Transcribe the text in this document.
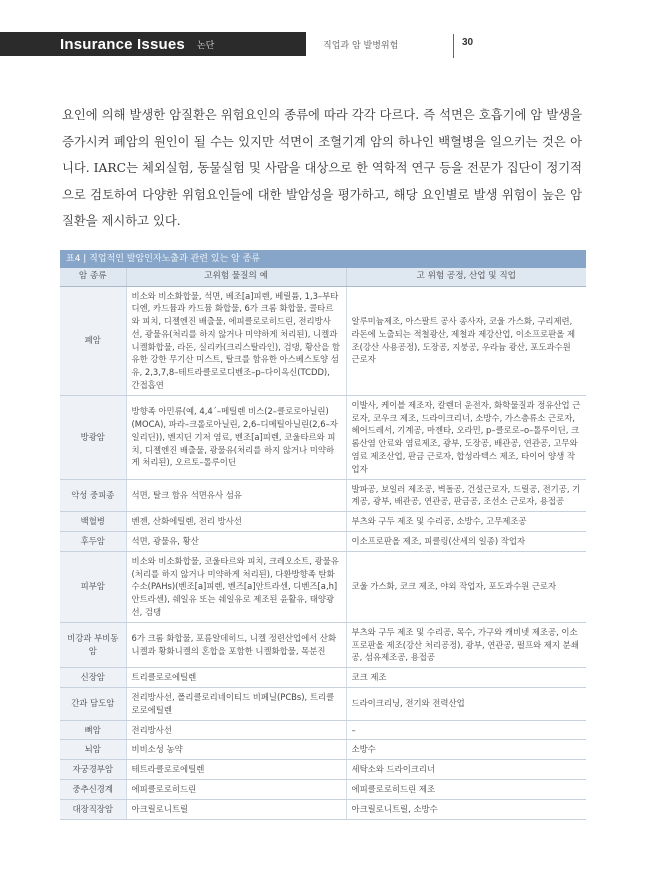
Insurance Issues 논단	직업과 암 발병위험	30

요인에 의해 발생한 암질환은 위험요인의 종류에 따라 각각 다르다. 즉 석면은 호흡기에 암 발생을 증가시켜 폐암의 원인이 될 수는 있지만 석면이 조혈기계 암의 하나인 백혈병을 일으키는 것은 아니다. IARC는 체외실험, 동물실험 및 사람을 대상으로 한 역학적 연구 등을 전문가 집단이 정기적으로 검토하여 다양한 위험요인들에 대한 발암성을 평가하고, 해당 요인별로 발생 위험이 높은 암 질환을 제시하고 있다.

표4 | 직업적인 발암인자노출과 관련 있는 암 종류
암 종류	고위험 물질의 예	고 위험 공정, 산업 및 직업
폐암	비소와 비소화합물, 석면, 베조[a]피렌, 베릴륨, 1,3–부타디엔, 카드뮴과 카드뮴 화합물, 6가 크롬 화합물, 콜타르와 피치, 디젤엔진 배출물, 에피클로로히드린, 전리방사선, 광물유(처리를 하지 않거나 미약하게 처리된), 니켈과 니켈화합물, 라돈, 실리카(크리스탈라인), 검댕, 황산을 함유한 강한 무기산 미스트, 탈크를 함유한 아스베스토양 섬유, 2,3,7,8–테트라클로로디벤조–p–다이옥신(TCDD), 간접흡연	알루미늄제조, 아스팔트 공사 종사자, 코울 가스화, 구리제련, 라돈에 노출되는 적철광산, 제철과 제강산업, 이소프로판올 제조(강산 사용공정), 도장공, 지붕공, 우라늄 광산, 포도과수원 근로자
방광암	방향족 아민류(예, 4,4´–메틸렌 비스(2–클로로아닐린)(MOCA), 파라–크롤로아닐린, 2,6–디메틸아닐린(2,6–자일리딘)), 벤지딘 기저 염료, 벤조[a]피렌, 코울타르와 피치, 디젤엔진 배출물, 광물유(처리를 하지 않거나 미약하게 처리된), 오르토–톨루이딘	이발사, 케이블 제조자, 칼렌더 운전자, 화학물질과 정유산업 근로자, 코우크 제조, 드라이크리너, 소방수, 가스층류소 근로자, 헤어드레서, 기계공, 마젠타, 오라민, p–클로로–o–톨루이딘, 크롬산염 안료와 염료제조, 광부, 도장공, 배관공, 연관공, 고무와 염료 제조산업, 판금 근로자, 합성라텍스 제조, 타이어 양생 작업자
악성 중피종	석면, 탈크 함유 석면유사 섬유	발파공, 보일러 제조공, 벽돌공, 건설근로자, 드릴공, 전기공, 기계공, 광부, 배관공, 연관공, 판금공, 조선소 근로자, 용접공
백혈병	벤젠, 산화에틸렌, 전리 방사선	부츠와 구두 제조 및 수리공, 소방수, 고무제조공
후두암	석면, 광물유, 황산	이소프로판올 제조, 피클링(산세의 일종) 작업자
피부암	비소와 비소화합물, 코울타르와 피치, 크레오소트, 광물유(처리를 하지 않거나 미약하게 처리된), 다환방향족 탄화수소(PAHs)(벤조[a]피렌, 벤즈[a]안트라센, 디벤즈[a,h]안트라센), 쉐일유 또는 쉐일유로 제조된 윤활유, 태양광선, 검댕	코울 가스화, 코크 제조, 야외 작업자, 포도과수원 근로자
비강과 부비동 암	6가 크롬 화합물, 포름알데히드, 니켈 정련산업에서 산화니켈과 황화니켈의 혼합을 포함한 니켈화합물, 목분진	부츠와 구두 제조 및 수리공, 목수, 가구와 캐비넷 제조공, 이소프로판올 제조(강산 처리공정), 광부, 연관공, 펄프와 제지 분쇄 공, 섬유제조공, 용접공
신장암	트리클로로에틸렌	코크 제조
간과 담도암	전리방사선, 폴리클로리네이티드 비페닐(PCBs), 트리클로로에틸렌	드라이크리닝, 전기와 전력산업
뼈암	전리방사선	–
뇌암	비비소성 농약	소방수
자궁경부암	테트라클로로에틸렌	세탁소와 드라이크리너
중추신경계	에피클로로히드린	에피클로로히드린 제조
대장직장암	아크릴로니트릴	아크릴로니트릴, 소방수
